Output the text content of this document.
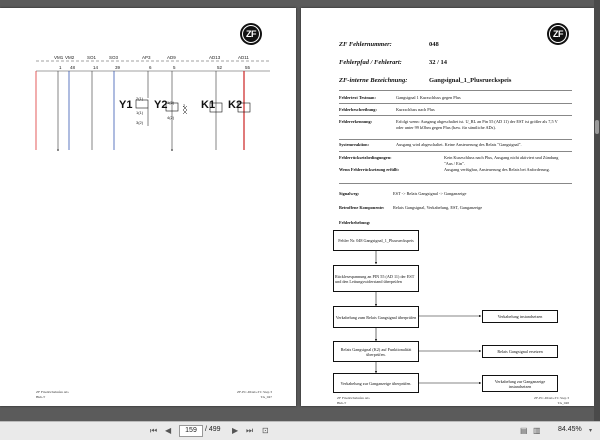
ZF
VM1 VM2	SO1	SO3	AP3	AD9	AD13	AD11
1 48	14	39	6	5	52	55
Y1 Y2	K1 K2
2(1)
1(1)
3(2)
1(3)
2
4(2)
ZF Friedrichshafen AG
Bkh-T
ZF-EC-DIAG-TC Step 3
TA_047
ZF
ZF Fehlernummer:	048
Fehlerpfad / Fehlerart:	32 / 14
ZF-interne Bezeichnung:	Gangsignal_1_Plusrueckspeis
Fehlertext Testman:	Gangsignal 1 Kurzschluss gegen Plus
Fehlerbeschreibung:	Kurzschluss nach Plus
Fehlererkennung:	Erfolgt wenn: Ausgang abgeschaltet ist. U_RL an Pin 55 (AD 11) der EST ist größer als 7,5 V oder unter 99 kOhm gegen Plus (bzw. für sämtliche ADs).
Systemreaktion:	Ausgang wird abgeschaltet. Keine Ansteuerung des Relais "Gangsignal".
Fehlerrücksetzbedingungen:	Kein Kurzschluss nach Plus, Ausgang nicht aktiviert und Zündung "Aus / Ein".
Wenn Fehlerrücksetzung erfüllt:	Ausgang verfügbar, Ansteuerung des Relais bei Anforderung.
Signalweg:	EST -> Relais Gangsignal -> Ganganzeige
Betroffene Komponente: Relais Gangsignal, Verkabelung, EST, Ganganzeige
Fehlerbehebung:
Fehler Nr. 048 Gangsignal_1_Plusrueckspeis
Rücklesespannung an PIN 55 (AD 11) der EST und den Leitungswiderstand überprüfen
Verkabelung zum Relais Gangsignal überprüfen	Verkabelung instandsetzen
Relais Gangsignal (K2) auf Funktionalität überprüfen.	Relais Gangsignal ersetzen
Verkabelung zur Ganganzeige überprüfen.	Verkabelung zur Ganganzeige instandsetzen
ZF Friedrichshafen AG
Bkh-T
ZF-EC-DIAG-TC Step 3
TA_048
⏮ ◀	159	/ 499 ▶ ⏭ ⊡	▤ ▥ 84.45% ▾
